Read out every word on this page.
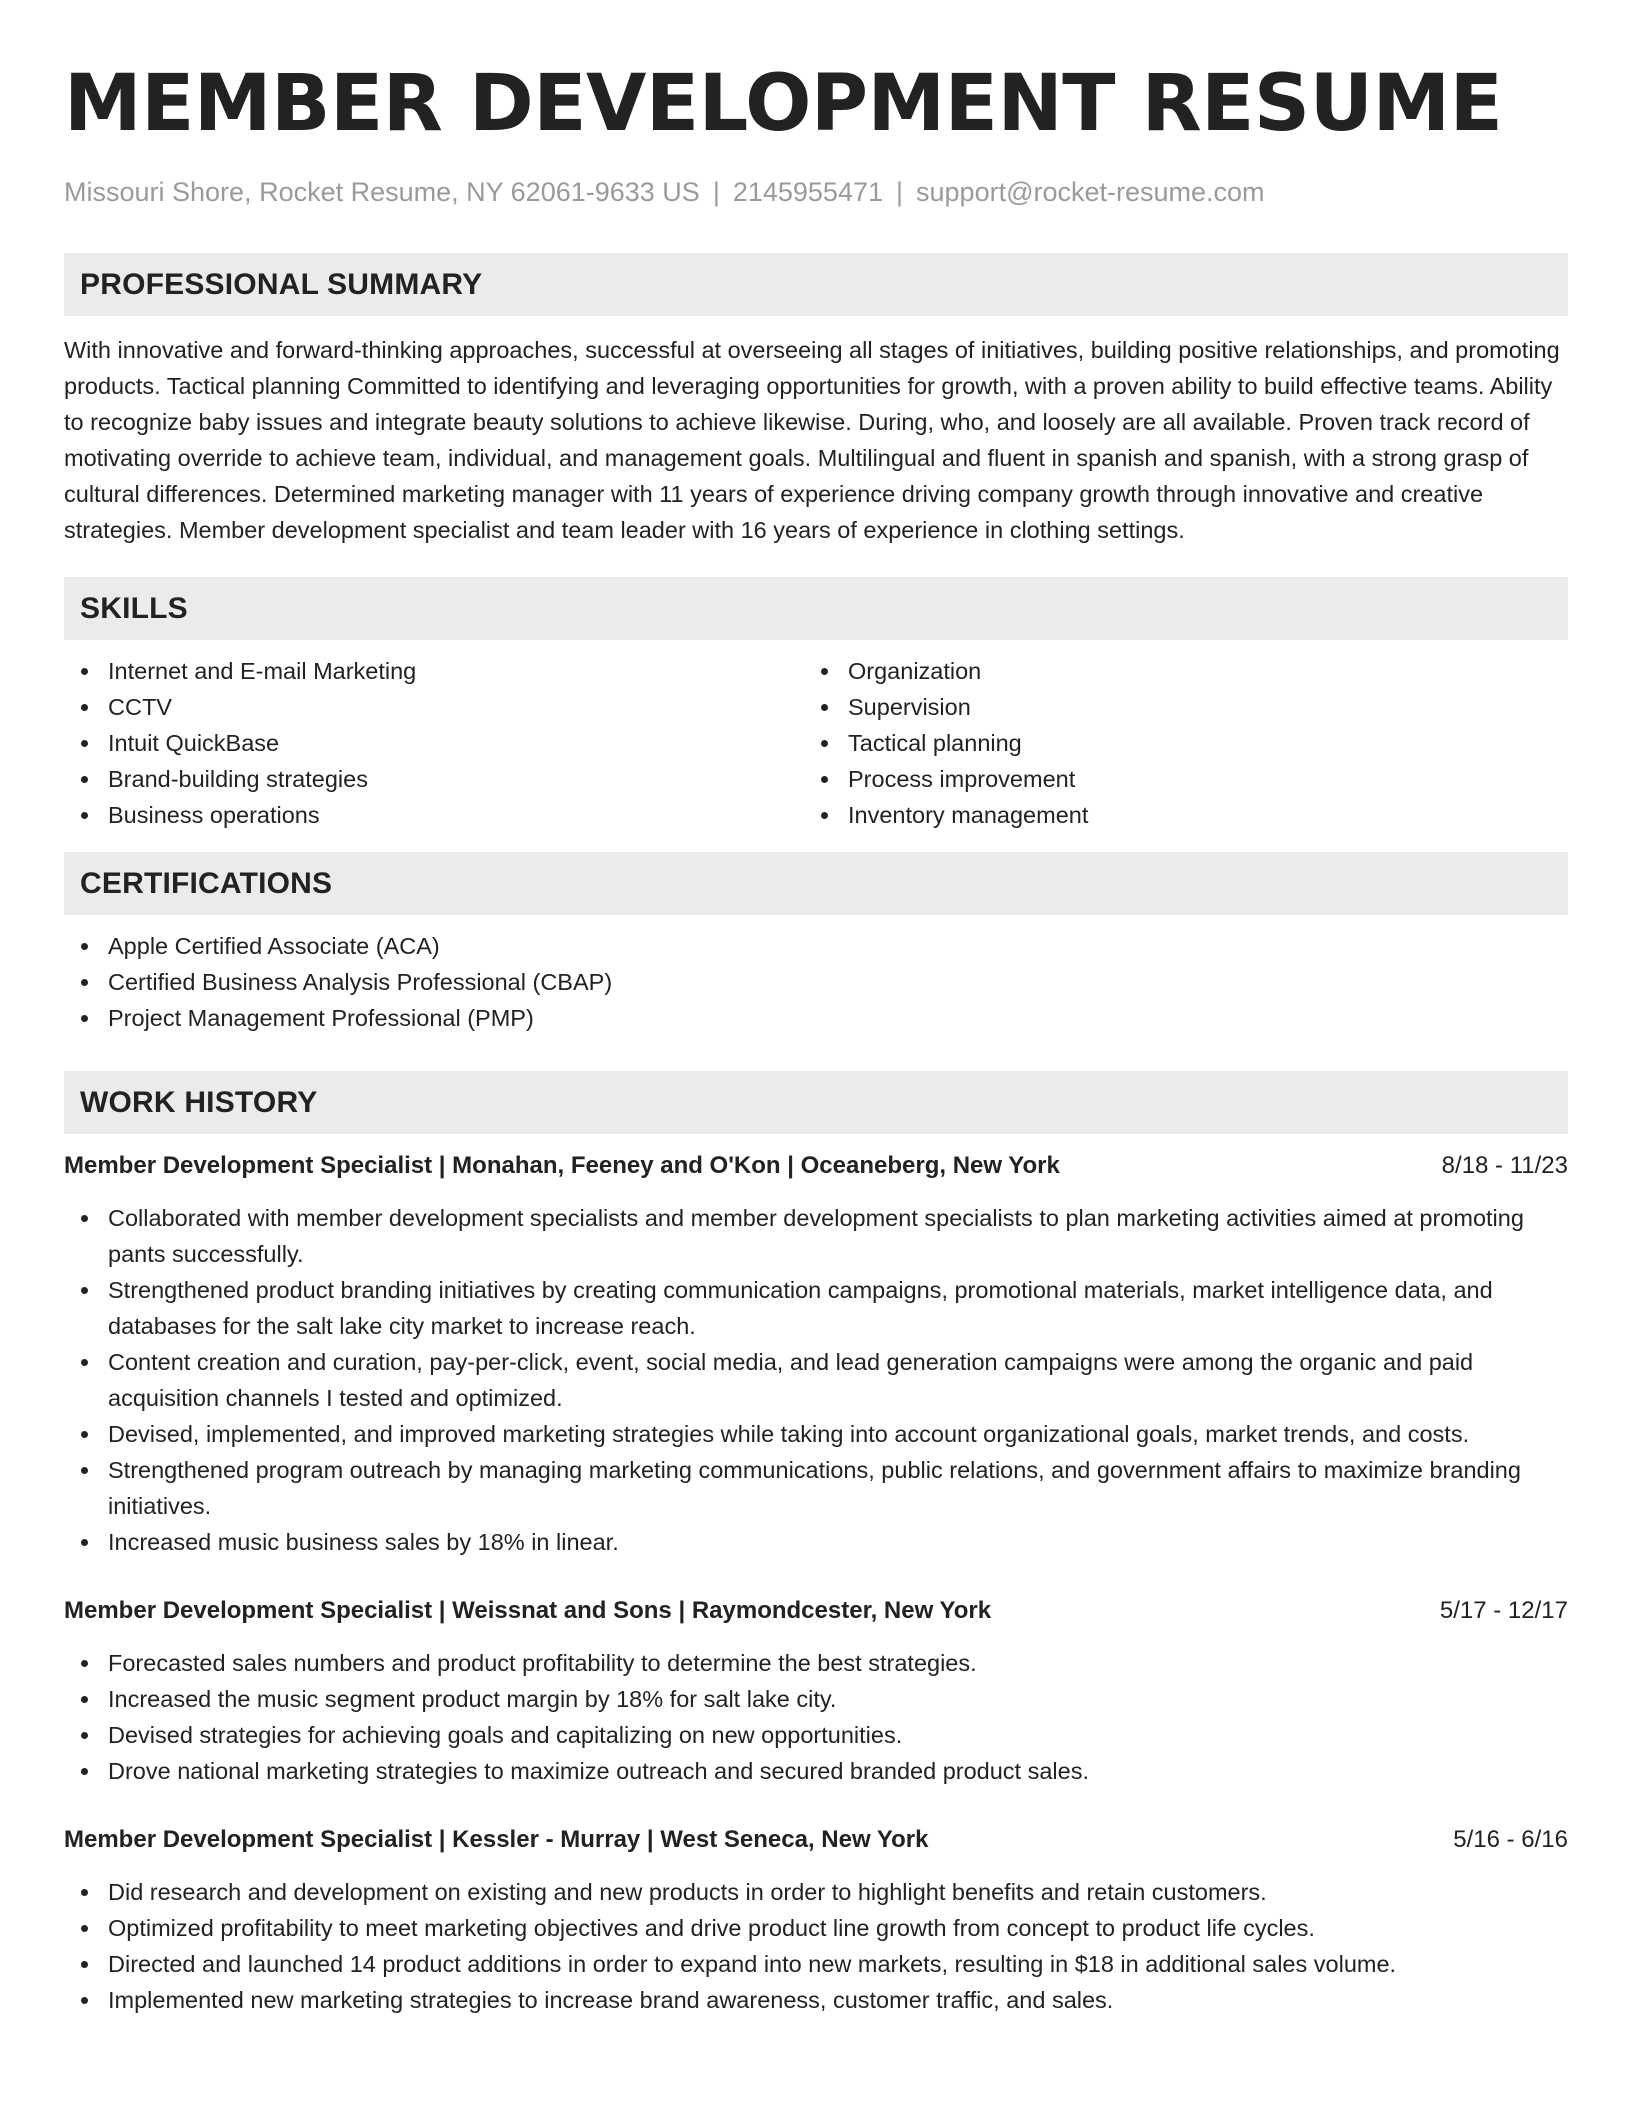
MEMBER DEVELOPMENT RESUME
Missouri Shore, Rocket Resume, NY 62061-9633 US | 2145955471 | support@rocket-resume.com
PROFESSIONAL SUMMARY

With innovative and forward-thinking approaches, successful at overseeing all stages of initiatives, building positive relationships, and promoting products. Tactical planning Committed to identifying and leveraging opportunities for growth, with a proven ability to build effective teams. Ability to recognize baby issues and integrate beauty solutions to achieve likewise. During, who, and loosely are all available. Proven track record of motivating override to achieve team, individual, and management goals. Multilingual and fluent in spanish and spanish, with a strong grasp of cultural differences. Determined marketing manager with 11 years of experience driving company growth through innovative and creative strategies. Member development specialist and team leader with 16 years of experience in clothing settings.

SKILLS
Internet and E-mail Marketing
CCTV
Intuit QuickBase
Brand-building strategies
Business operations
Organization
Supervision
Tactical planning
Process improvement
Inventory management
CERTIFICATIONS
Apple Certified Associate (ACA)
Certified Business Analysis Professional (CBAP)
Project Management Professional (PMP)
WORK HISTORY
Member Development Specialist | Monahan, Feeney and O'Kon | Oceaneberg, New York	8/18 - 11/23
Collaborated with member development specialists and member development specialists to plan marketing activities aimed at promoting pants successfully.
Strengthened product branding initiatives by creating communication campaigns, promotional materials, market intelligence data, and databases for the salt lake city market to increase reach.
Content creation and curation, pay-per-click, event, social media, and lead generation campaigns were among the organic and paid acquisition channels I tested and optimized.
Devised, implemented, and improved marketing strategies while taking into account organizational goals, market trends, and costs.
Strengthened program outreach by managing marketing communications, public relations, and government affairs to maximize branding initiatives.
Increased music business sales by 18% in linear.
Member Development Specialist | Weissnat and Sons | Raymondcester, New York	5/17 - 12/17
Forecasted sales numbers and product profitability to determine the best strategies.
Increased the music segment product margin by 18% for salt lake city.
Devised strategies for achieving goals and capitalizing on new opportunities.
Drove national marketing strategies to maximize outreach and secured branded product sales.
Member Development Specialist | Kessler - Murray | West Seneca, New York	5/16 - 6/16
Did research and development on existing and new products in order to highlight benefits and retain customers.
Optimized profitability to meet marketing objectives and drive product line growth from concept to product life cycles.
Directed and launched 14 product additions in order to expand into new markets, resulting in $18 in additional sales volume.
Implemented new marketing strategies to increase brand awareness, customer traffic, and sales.
